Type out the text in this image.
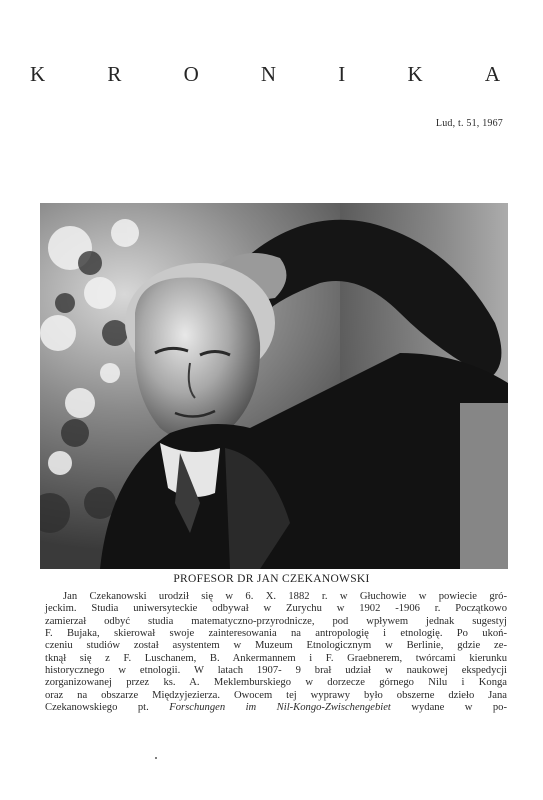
K	R	O	N	I	K	A
Lud, t. 51, 1967
PROFESOR DR JAN CZEKANOWSKI
Jan Czekanowski urodził się w 6. X. 1882 r. w Głuchowie w powiecie gró-
jeckim. Studia uniwersyteckie odbywał w Zurychu w 1902 -1906 r. Początkowo
zamierzał odbyć studia matematyczno-przyrodnicze, pod wpływem jednak sugestyj
F. Bujaka, skierował swoje zainteresowania na antropologię i etnologię. Po ukoń-
czeniu studiów został asystentem w Muzeum Etnologicznym w Berlinie, gdzie ze-
tknął się z F. Luschanem, B. Ankermannem i F. Graebnerem, twórcami kierunku
historycznego w etnologii. W latach 1907- 9 brał udział w naukowej ekspedycji
zorganizowanej przez ks. A. Meklemburskiego w dorzecze górnego Nilu i Konga
oraz na obszarze Międzyjezierza. Owocem tej wyprawy było obszerne dzieło Jana
Czekanowskiego pt. Forschungen im Nil-Kongo-Zwischengebiet wydane w po-
